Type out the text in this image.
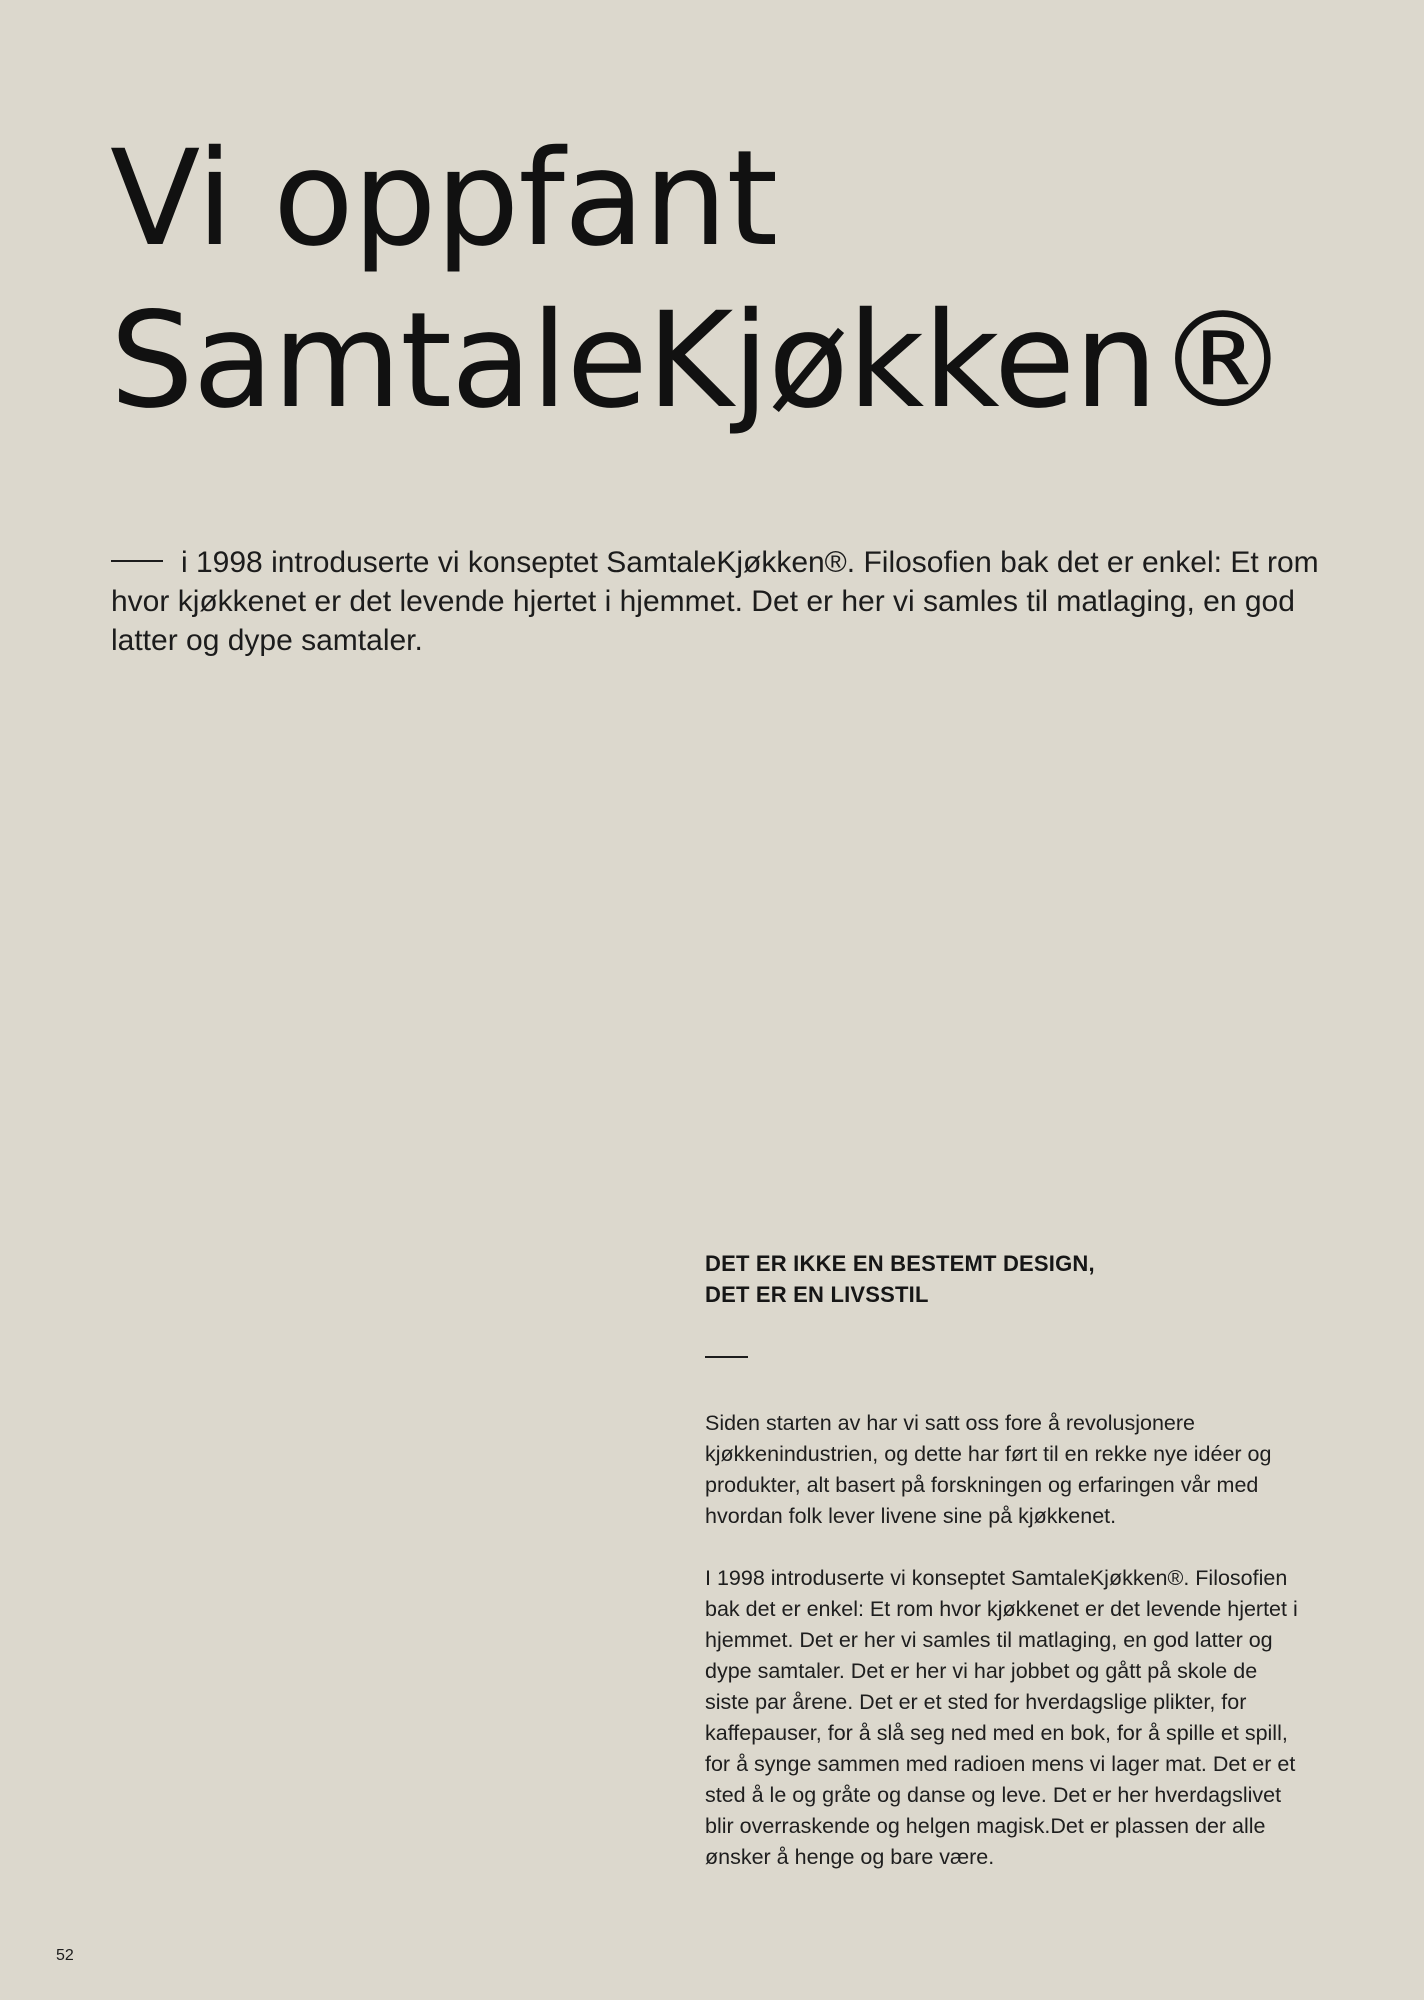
Vi oppfant
SamtaleKjøkken®
i 1998 introduserte vi konseptet SamtaleKjøkken®. Filosofien bak det er enkel: Et rom hvor kjøkkenet er det levende hjertet i hjemmet. Det er her vi samles til matlaging, en god latter og dype samtaler.
DET ER IKKE EN BESTEMT DESIGN,
DET ER EN LIVSSTIL

Siden starten av har vi satt oss fore å revolusjonere kjøkkenindustrien, og dette har ført til en rekke nye idéer og produkter, alt basert på forskningen og erfaringen vår med hvordan folk lever livene sine på kjøkkenet.

I 1998 introduserte vi konseptet SamtaleKjøkken®. Filosofien bak det er enkel: Et rom hvor kjøkkenet er det levende hjertet i hjemmet. Det er her vi samles til matlaging, en god latter og dype samtaler. Det er her vi har jobbet og gått på skole de siste par årene. Det er et sted for hverdagslige plikter, for kaffepauser, for å slå seg ned med en bok, for å spille et spill, for å synge sammen med radioen mens vi lager mat. Det er et sted å le og gråte og danse og leve. Det er her hverdagslivet blir overraskende og helgen magisk.Det er plassen der alle ønsker å henge og bare være.

52
